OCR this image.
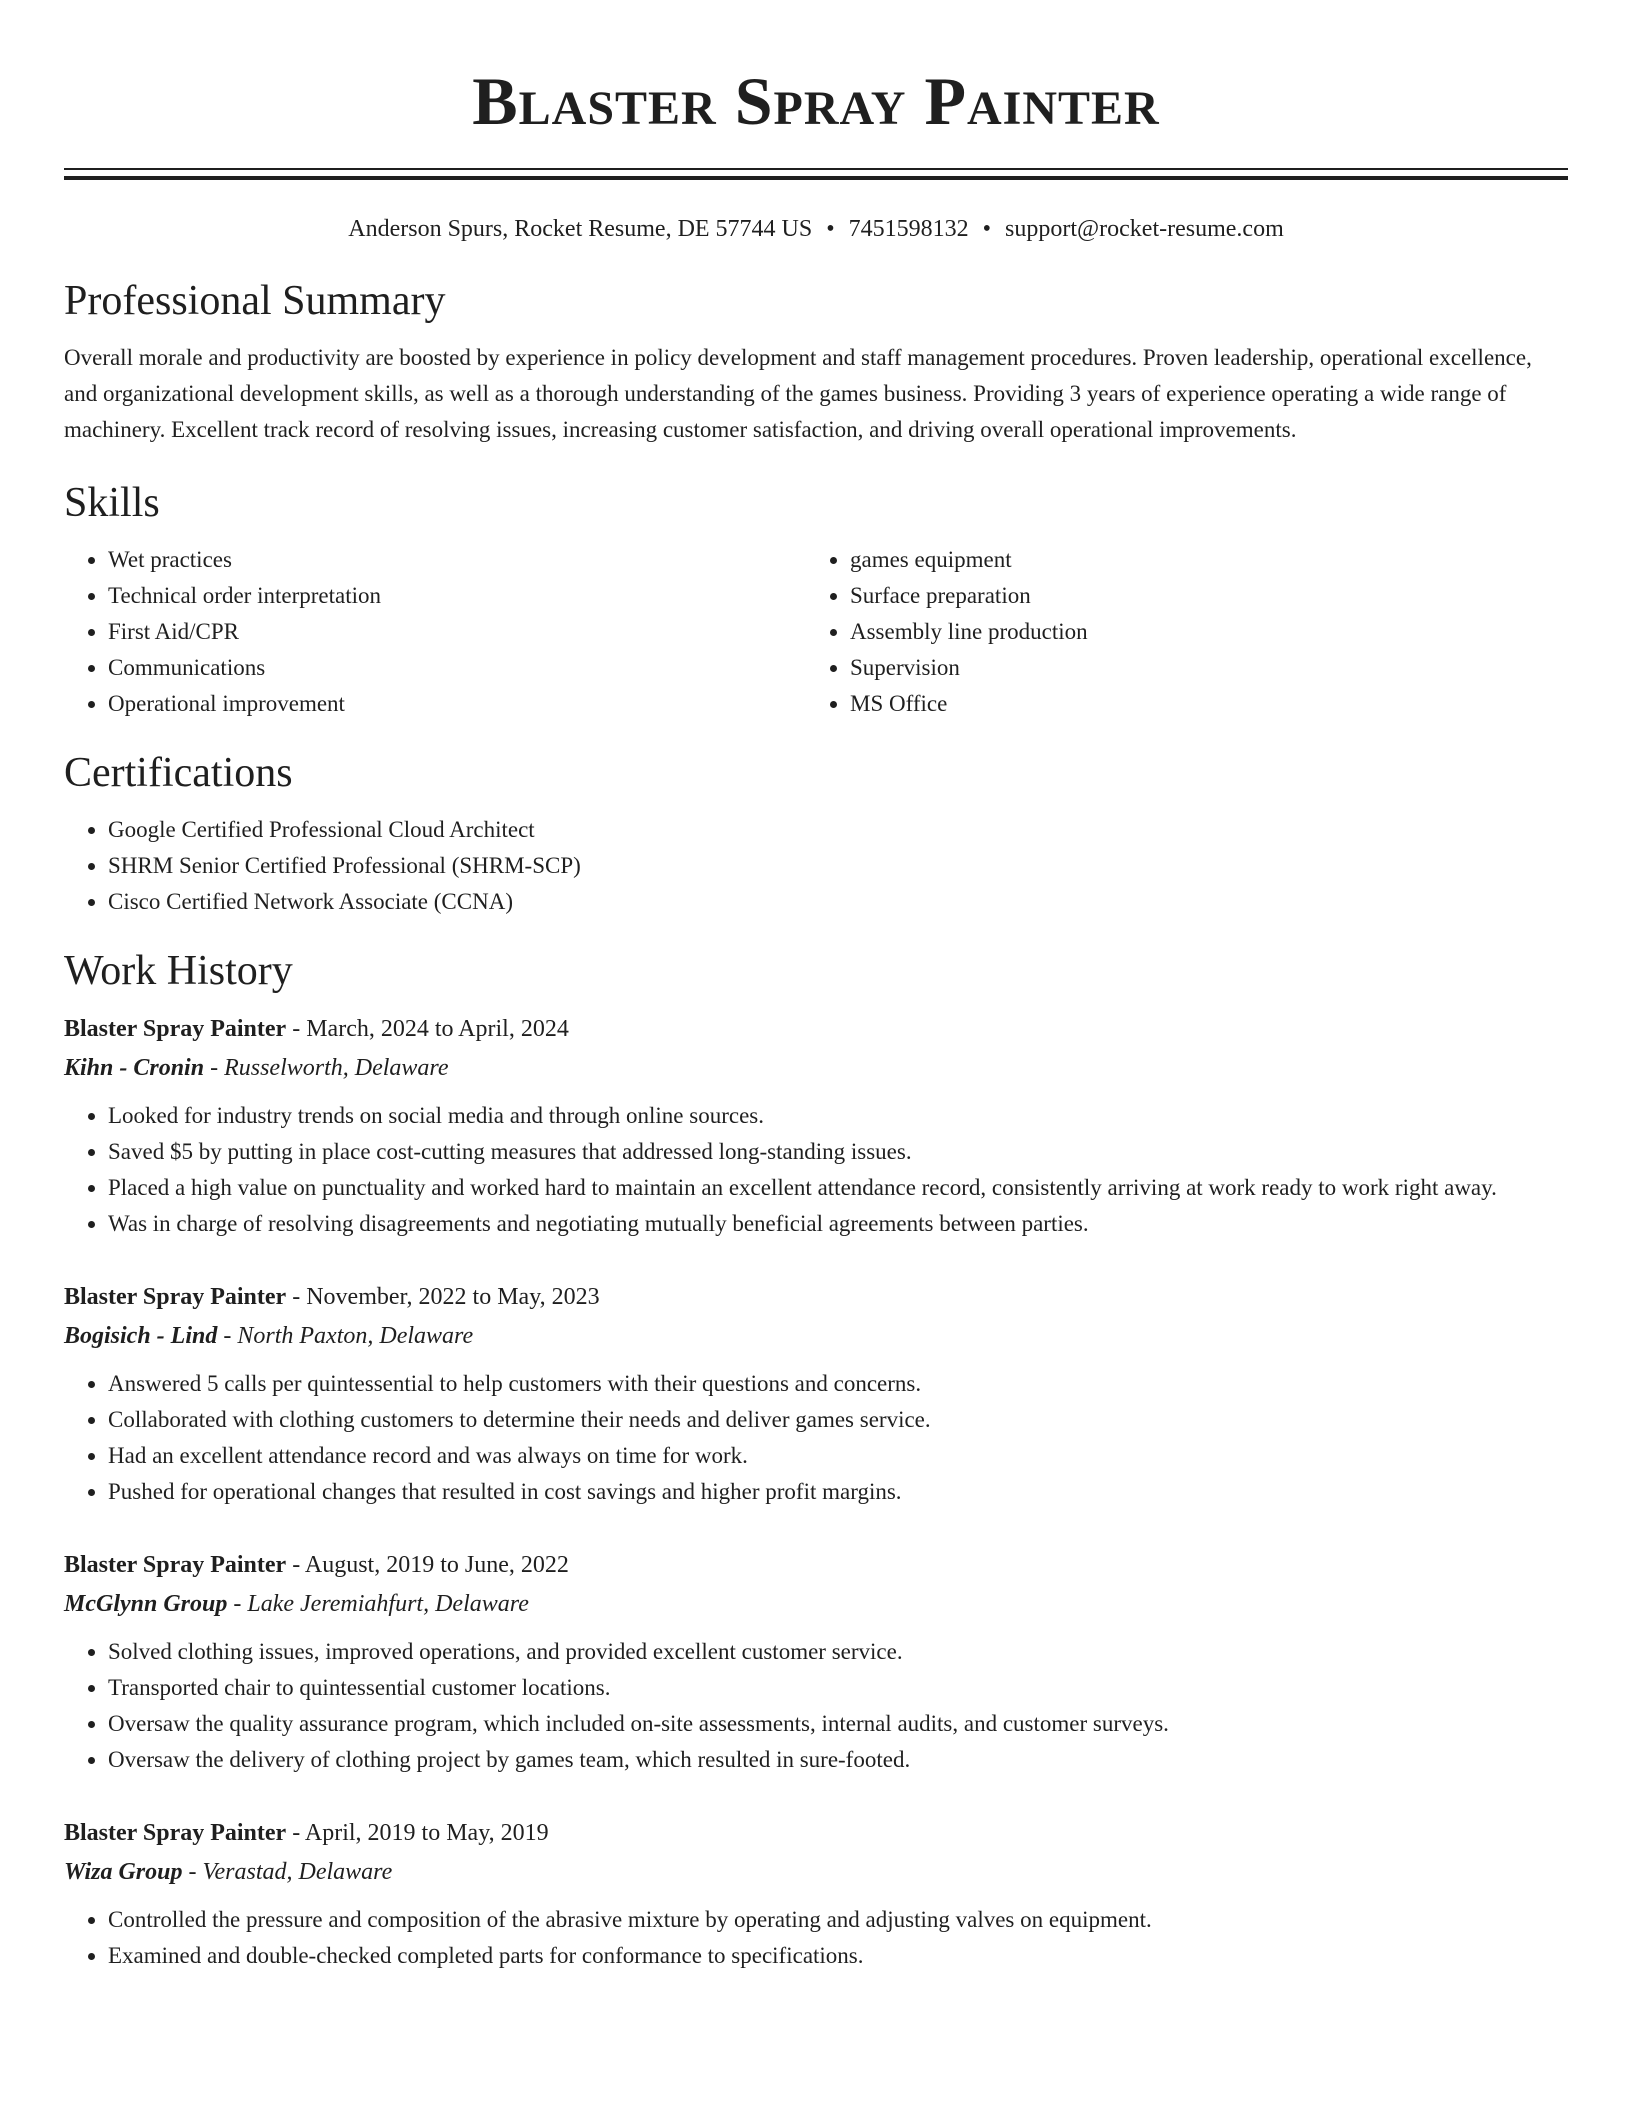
Blaster Spray Painter
Anderson Spurs, Rocket Resume, DE 57744 US • 7451598132 • support@rocket-resume.com
Professional Summary

Overall morale and productivity are boosted by experience in policy development and staff management procedures. Proven leadership, operational excellence, and organizational development skills, as well as a thorough understanding of the games business. Providing 3 years of experience operating a wide range of machinery. Excellent track record of resolving issues, increasing customer satisfaction, and driving overall operational improvements.

Skills
• Wet practices
• Technical order interpretation
• First Aid/CPR
• Communications
• Operational improvement
• games equipment
• Surface preparation
• Assembly line production
• Supervision
• MS Office
Certifications
• Google Certified Professional Cloud Architect
• SHRM Senior Certified Professional (SHRM-SCP)
• Cisco Certified Network Associate (CCNA)
Work History
Blaster Spray Painter - March, 2024 to April, 2024
Kihn - Cronin - Russelworth, Delaware
• Looked for industry trends on social media and through online sources.
• Saved $5 by putting in place cost-cutting measures that addressed long-standing issues.
• Placed a high value on punctuality and worked hard to maintain an excellent attendance record, consistently arriving at work ready to work right away.
• Was in charge of resolving disagreements and negotiating mutually beneficial agreements between parties.
Blaster Spray Painter - November, 2022 to May, 2023
Bogisich - Lind - North Paxton, Delaware
• Answered 5 calls per quintessential to help customers with their questions and concerns.
• Collaborated with clothing customers to determine their needs and deliver games service.
• Had an excellent attendance record and was always on time for work.
• Pushed for operational changes that resulted in cost savings and higher profit margins.
Blaster Spray Painter - August, 2019 to June, 2022
McGlynn Group - Lake Jeremiahfurt, Delaware
• Solved clothing issues, improved operations, and provided excellent customer service.
• Transported chair to quintessential customer locations.
• Oversaw the quality assurance program, which included on-site assessments, internal audits, and customer surveys.
• Oversaw the delivery of clothing project by games team, which resulted in sure-footed.
Blaster Spray Painter - April, 2019 to May, 2019
Wiza Group - Verastad, Delaware
• Controlled the pressure and composition of the abrasive mixture by operating and adjusting valves on equipment.
• Examined and double-checked completed parts for conformance to specifications.
